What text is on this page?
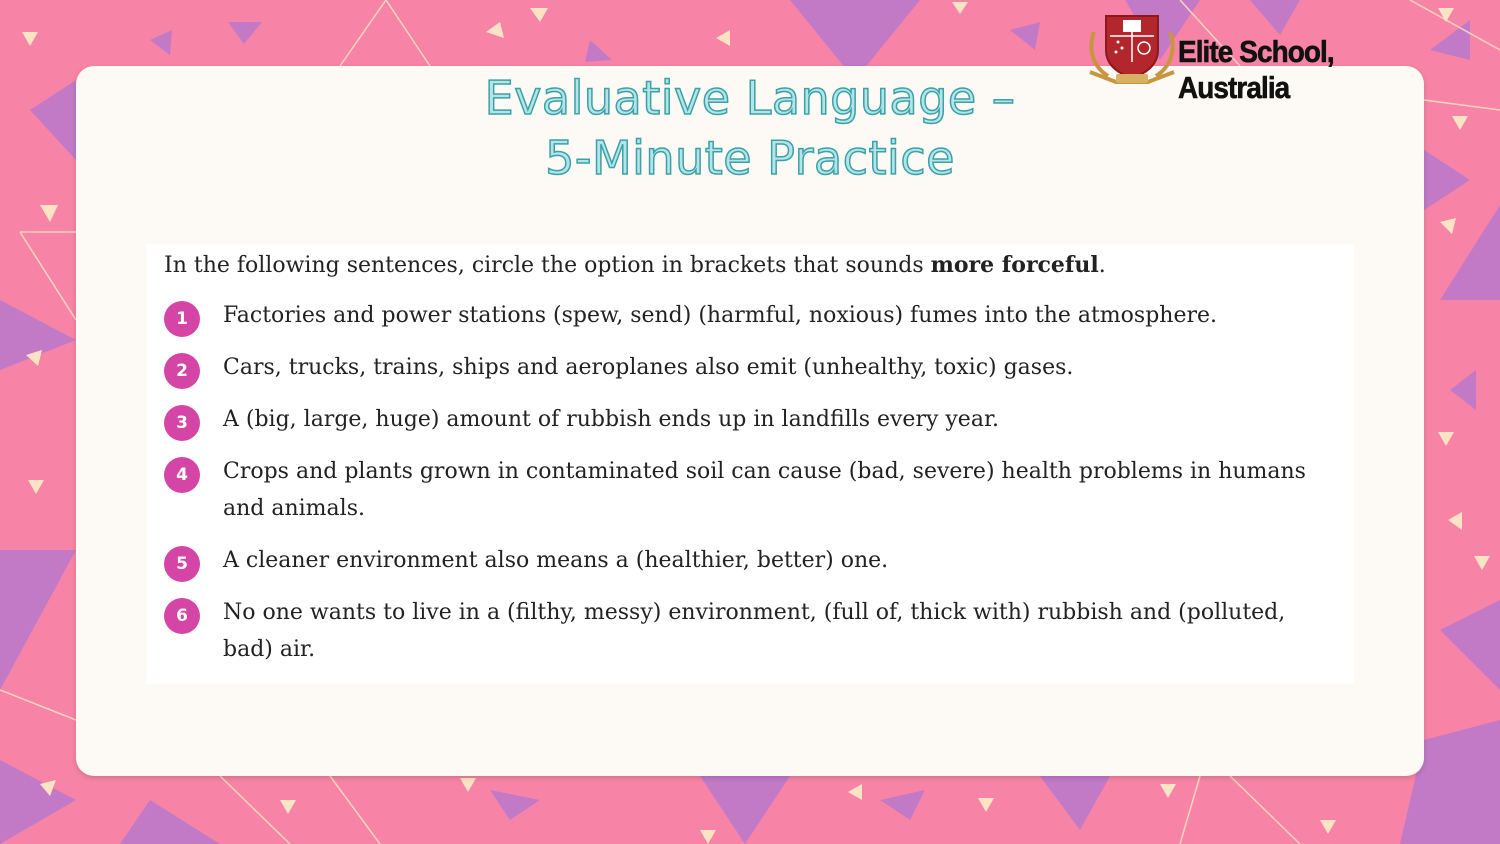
Evaluative Language –
5-Minute Practice
Elite School, Australia
In the following sentences, circle the option in brackets that sounds more forceful.
1	Factories and power stations (spew, send) (harmful, noxious) fumes into the atmosphere.
2	Cars, trucks, trains, ships and aeroplanes also emit (unhealthy, toxic) gases.
3	A (big, large, huge) amount of rubbish ends up in landfills every year.
4	Crops and plants grown in contaminated soil can cause (bad, severe) health problems in humans and animals.
5	A cleaner environment also means a (healthier, better) one.
6	No one wants to live in a (filthy, messy) environment, (full of, thick with) rubbish and (polluted, bad) air.
